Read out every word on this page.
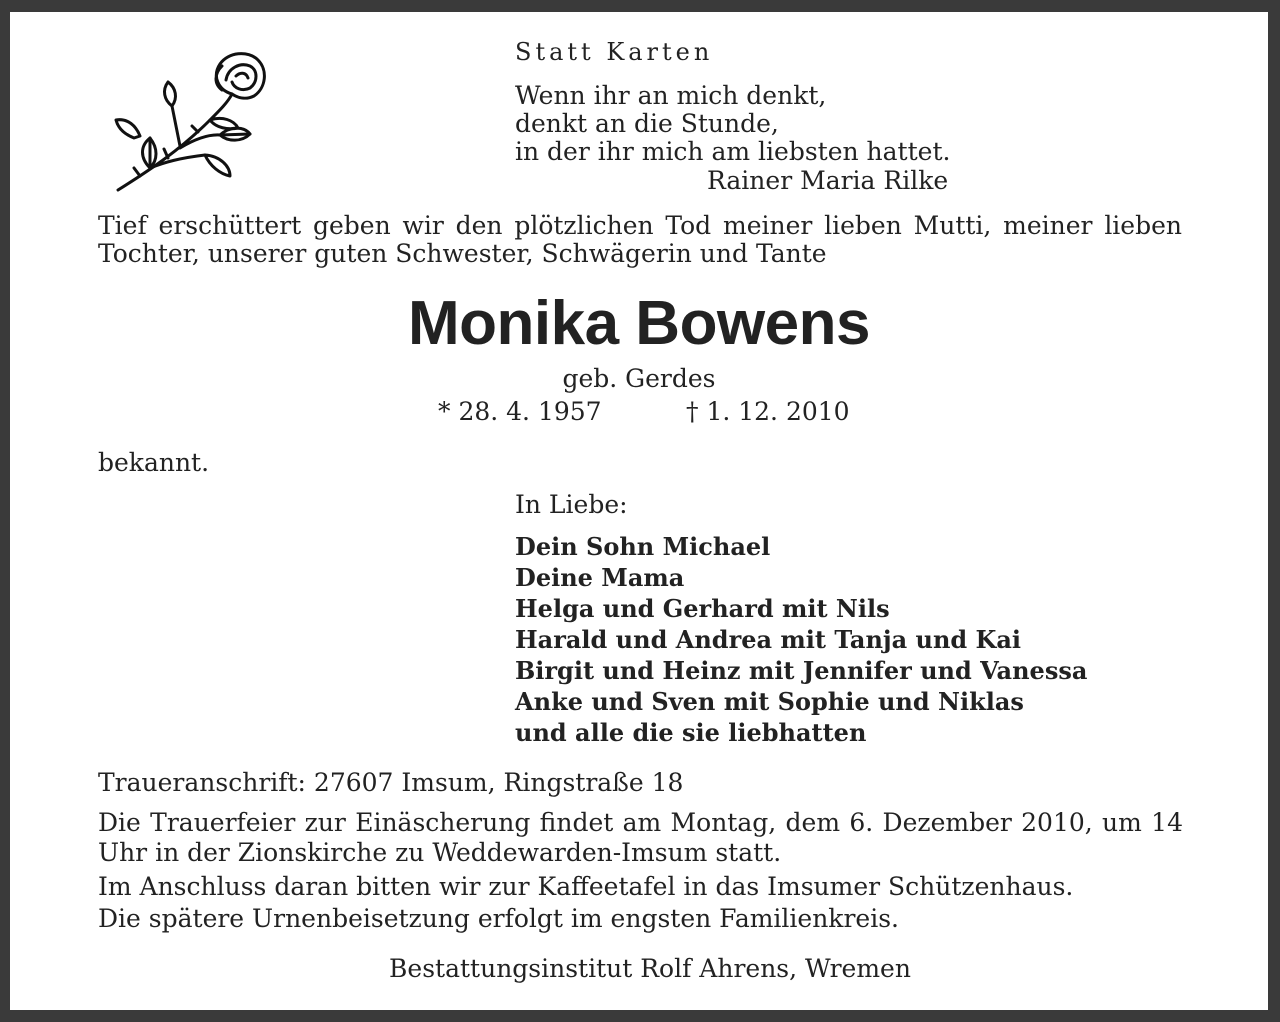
Statt Karten
Wenn ihr an mich denkt,
denkt an die Stunde,
in der ihr mich am liebsten hattet.
Rainer Maria Rilke
Tief erschüttert geben wir den plötzlichen Tod meiner lieben Mutti, meiner lieben Tochter, unserer guten Schwester, Schwägerin und Tante
Monika Bowens
geb. Gerdes
* 28. 4. 1957	† 1. 12. 2010
bekannt.
In Liebe:
Dein Sohn Michael
Deine Mama
Helga und Gerhard mit Nils
Harald und Andrea mit Tanja und Kai
Birgit und Heinz mit Jennifer und Vanessa
Anke und Sven mit Sophie und Niklas
und alle die sie liebhatten
Traueranschrift: 27607 Imsum, Ringstraße 18
Die Trauerfeier zur Einäscherung findet am Montag, dem 6. Dezember 2010, um 14 Uhr in der Zionskirche zu Weddewarden-Imsum statt.
Im Anschluss daran bitten wir zur Kaffeetafel in das Imsumer Schützenhaus.
Die spätere Urnenbeisetzung erfolgt im engsten Familienkreis.
Bestattungsinstitut Rolf Ahrens, Wremen
